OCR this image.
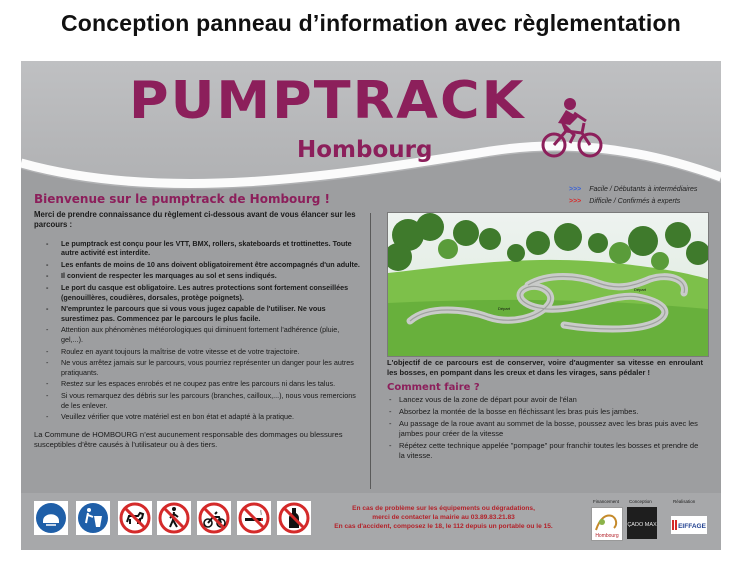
Conception panneau d’information avec règlementation
PUMPTRACK
Hombourg
>>> Facile / Débutants à intermédiaires
>>> Difficile / Confirmés à experts
Bienvenue sur le pumptrack de Hombourg !
Merci de prendre connaissance du règlement ci-dessous avant de vous élancer sur les parcours :
- Le pumptrack est conçu pour les VTT, BMX, rollers, skateboards et trottinettes. Toute autre activité est interdite.
- Les enfants de moins de 10 ans doivent obligatoirement être accompagnés d'un adulte.
- Il convient de respecter les marquages au sol et sens indiqués.
- Le port du casque est obligatoire. Les autres protections sont fortement conseillées (genouillères, coudières, dorsales, protège poignets).
- N'empruntez le parcours que si vous vous jugez capable de l'utiliser. Ne vous surestimez pas. Commencez par le parcours le plus facile.
- Attention aux phénomènes météorologiques qui diminuent fortement l'adhérence (pluie, gel,...).
- Roulez en ayant toujours la maîtrise de votre vitesse et de votre trajectoire.
- Ne vous arrêtez jamais sur le parcours, vous pourriez représenter un danger pour les autres pratiquants.
- Restez sur les espaces enrobés et ne coupez pas entre les parcours ni dans les talus.
- Si vous remarquez des débris sur les parcours (branches, cailloux,...), nous vous remercions de les enlever.
- Veuillez vérifier que votre matériel est en bon état et adapté à la pratique.
La Commune de HOMBOURG n’est aucunement responsable des dommages ou blessures susceptibles d’être causés à l’utilisateur ou à des tiers.
Départ
Départ
L'objectif de ce parcours est de conserver, voire d'augmenter sa vitesse en enroulant les bosses, en pompant dans les creux et dans les virages, sans pédaler !
Comment faire ?
- Lancez vous de la zone de départ pour avoir de l'élan
- Absorbez la montée de la bosse en fléchissant les bras puis les jambes.
- Au passage de la roue avant au sommet de la bosse, poussez avec les bras puis avec les jambes pour créer de la vitesse
- Répétez cette technique appelée "pompage" pour franchir toutes les bosses et prendre de la vitesse.
En cas de problème sur les équipements ou dégradations,
merci de contacter la mairie au 03.89.83.21.83
En cas d'accident, composez le 18, le 112 depuis un portable ou le 15.
Financement Conception	Réalisation
Hombourg
ÇADO MAX	EIFFAGE
